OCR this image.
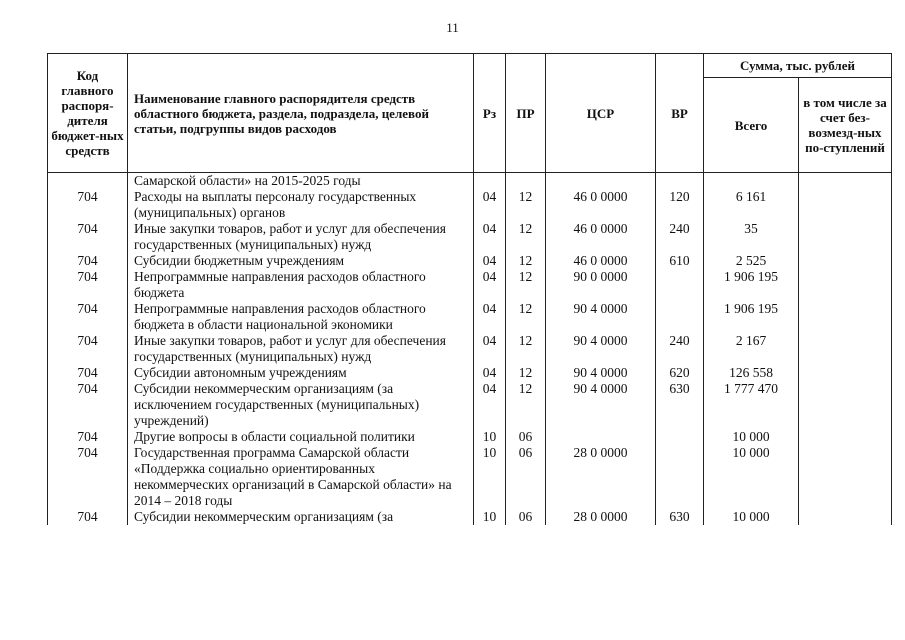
11
Код главного распоря-дителя бюджет-ных средств	Наименование главного распорядителя средств областного бюджета, раздела, подраздела, целевой статьи, подгруппы видов расходов	Рз	ПР	ЦСР	ВР	Сумма, тыс. рублей	
						Всего	в том числе за счет без-возмезд-ных по-ступлений
	Самарской области» на 2015-2025 годы						
704	Расходы на выплаты персоналу государственных (муниципальных) органов	04	12	46 0 0000	120	6 161	
704	Иные закупки товаров, работ и услуг для обеспечения государственных (муниципальных) нужд	04	12	46 0 0000	240	35	
704	Субсидии бюджетным учреждениям	04	12	46 0 0000	610	2 525	
704	Непрограммные направления расходов областного бюджета	04	12	90 0 0000		1 906 195	
704	Непрограммные направления расходов областного бюджета в области национальной экономики	04	12	90 4 0000		1 906 195	
704	Иные закупки товаров, работ и услуг для обеспечения государственных (муниципальных) нужд	04	12	90 4 0000	240	2 167	
704	Субсидии автономным учреждениям	04	12	90 4 0000	620	126 558	
704	Субсидии некоммерческим организациям (за исключением государственных (муниципальных) учреждений)	04	12	90 4 0000	630	1 777 470	
704	Другие вопросы в области социальной политики	10	06			10 000	
704	Государственная программа Самарской области «Поддержка социально ориентированных некоммерческих организаций в Самарской области» на 2014 – 2018 годы	10	06	28 0 0000		10 000	
704	Субсидии некоммерческим организациям (за	10	06	28 0 0000	630	10 000	
